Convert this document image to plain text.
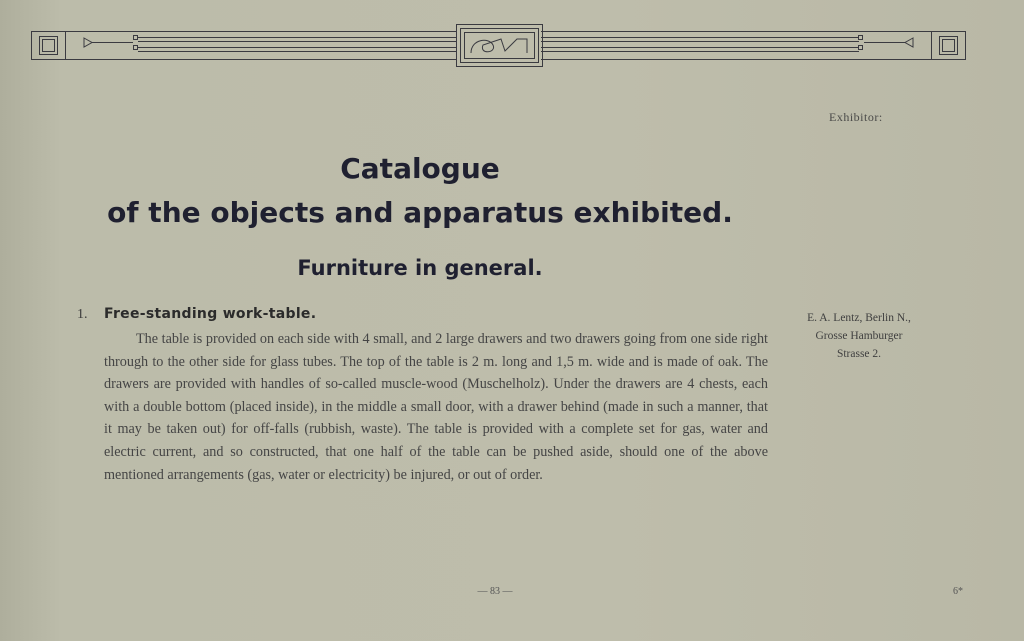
Exhibitor:
Catalogue
of the objects and apparatus exhibited.
Furniture in general.
1. Free-standing work-table.
The table is provided on each side with 4 small, and 2 large drawers and two drawers going from one side right through to the other side for glass tubes. The top of the table is 2 m. long and 1,5 m. wide and is made of oak. The drawers are provided with handles of so-called muscle-wood (Muschelholz). Under the drawers are 4 chests, each with a double bottom (placed inside), in the middle a small door, with a drawer behind (made in such a manner, that it may be taken out) for off-falls (rubbish, waste). The table is provided with a complete set for gas, water and electric current, and so constructed, that one half of the table can be pushed aside, should one of the above mentioned arrangements (gas, water or electricity) be injured, or out of order.
E. A. Lentz, Berlin N.,
Grosse Hamburger
Strasse 2.
— 83 —	6*
